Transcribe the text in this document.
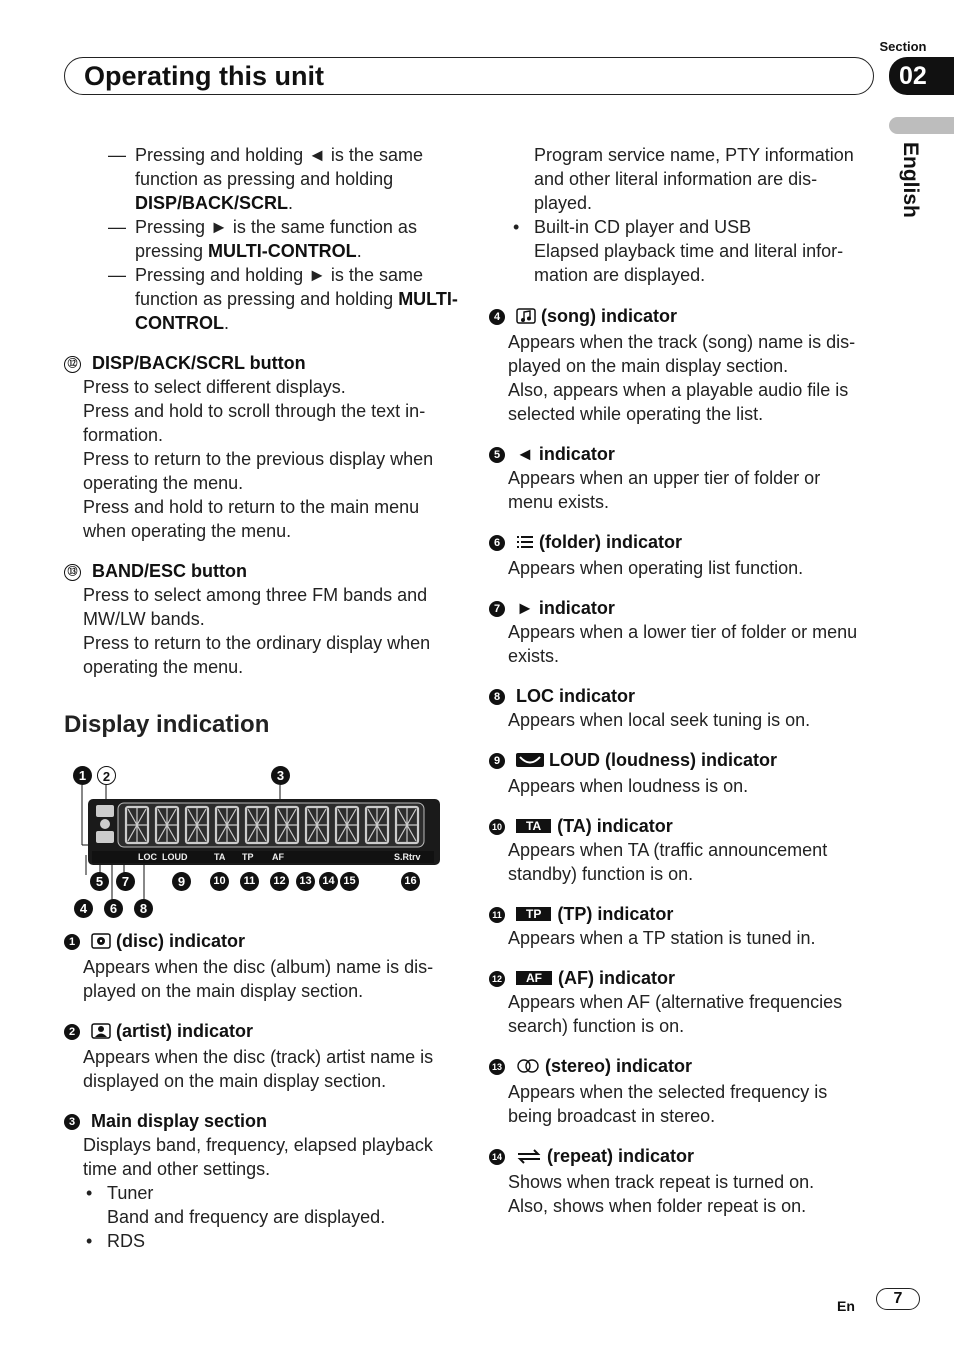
Section
Operating this unit	02
English
— Pressing and holding ◄ is the same function as pressing and holding DISP/BACK/SCRL.
— Pressing ► is the same function as pressing MULTI-CONTROL.
— Pressing and holding ► is the same function as pressing and holding MULTI-CONTROL.
⑫ DISP/BACK/SCRL button
Press to select different displays.
Press and hold to scroll through the text in-
formation.
Press to return to the previous display when
operating the menu.
Press and hold to return to the main menu
when operating the menu.
⑬ BAND/ESC button
Press to select among three FM bands and
MW/LW bands.
Press to return to the ordinary display when
operating the menu.
Display indication
LOC LOUD	TA TP AF	S.Rtrv
1	2	3
5	7	9	10	11	12	13 14 15	16
4	6	8
1 (disc) indicator
Appears when the disc (album) name is dis-
played on the main display section.
2 (artist) indicator
Appears when the disc (track) artist name is
displayed on the main display section.
3 Main display section
Displays band, frequency, elapsed playback
time and other settings.
• Tuner
Band and frequency are displayed.
• RDS
Program service name, PTY information
and other literal information are dis-
played.
• Built-in CD player and USB
Elapsed playback time and literal infor-
mation are displayed.
4 (song) indicator
Appears when the track (song) name is dis-
played on the main display section.
Also, appears when a playable audio file is
selected while operating the list.
5 ◄ indicator
Appears when an upper tier of folder or
menu exists.
6 (folder) indicator
Appears when operating list function.
7 ► indicator
Appears when a lower tier of folder or menu
exists.
8 LOC indicator
Appears when local seek tuning is on.
9	LOUD (loudness) indicator
Appears when loudness is on.
10 TA (TA) indicator
Appears when TA (traffic announcement
standby) function is on.
11 TP (TP) indicator
Appears when a TP station is tuned in.
12 AF (AF) indicator
Appears when AF (alternative frequencies
search) function is on.
13 (stereo) indicator
Appears when the selected frequency is
being broadcast in stereo.
14	(repeat) indicator
Shows when track repeat is turned on.
Also, shows when folder repeat is on.
En	7
